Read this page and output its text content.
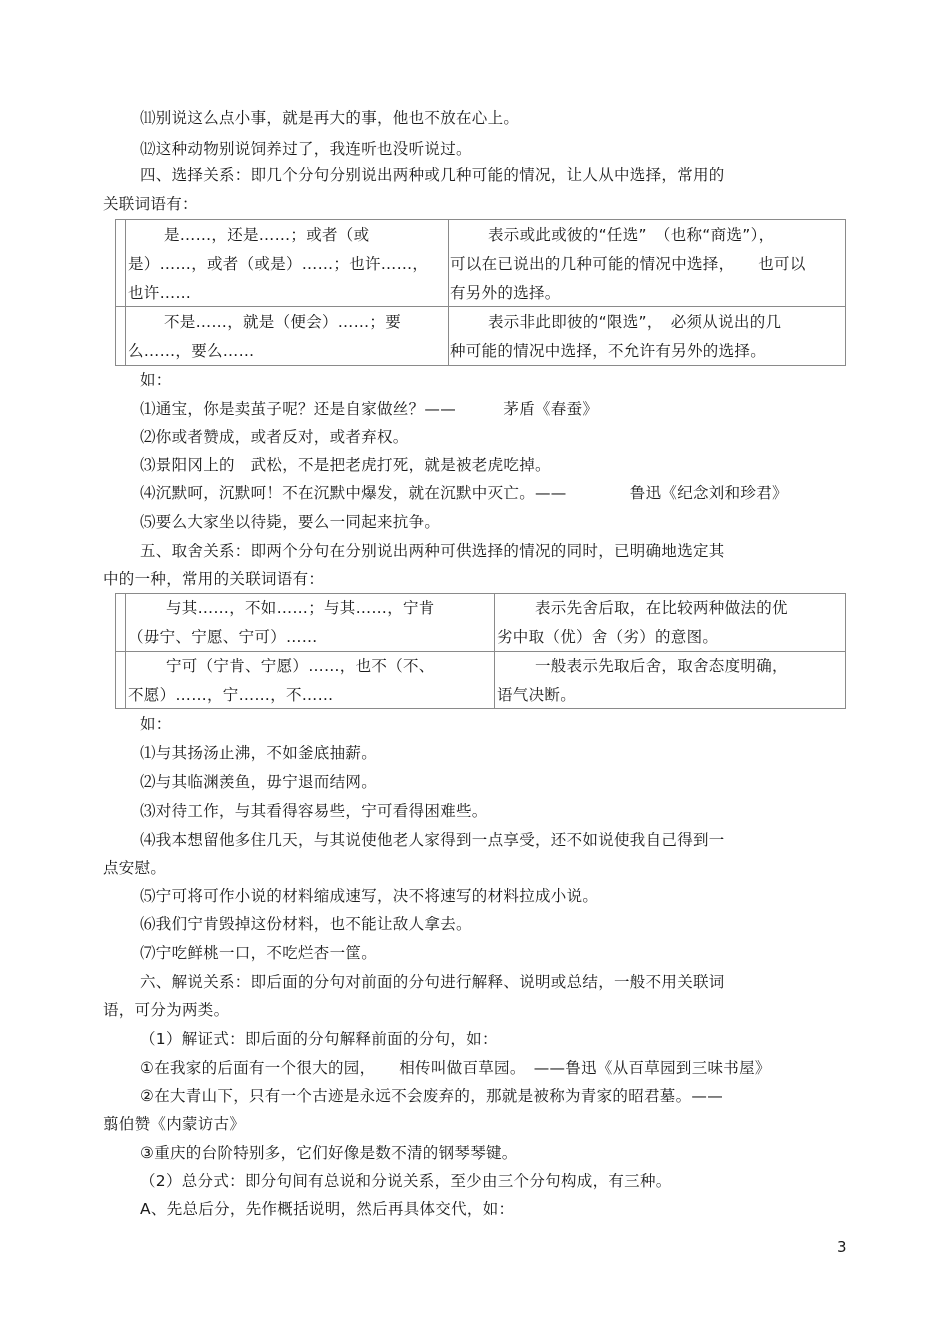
⑾别说这么点小事，就是再大的事，他也不放在心上。
⑿这种动物别说饲养过了，我连听也没听说过。
四、选择关系：即几个分句分别说出两种或几种可能的情况，让人从中选择，常用的
关联词语有：
是……，还是……；或者（或
是）……，或者（或是）……；也许……，
也许……
表示或此或彼的“任选”　（也称“商选”），
可以在已说出的几种可能的情况中选择，　　也可以
有另外的选择。
不是……，就是（便会）……；要
么……，要么……
表示非此即彼的“限选”，　必须从说出的几
种可能的情况中选择，不允许有另外的选择。
如：
⑴通宝，你是卖茧子呢？还是自家做丝？——　　　茅盾《春蚕》
⑵你或者赞成，或者反对，或者弃权。
⑶景阳冈上的　武松，不是把老虎打死，就是被老虎吃掉。
⑷沉默呵，沉默呵！不在沉默中爆发，就在沉默中灭亡。——　　　　鲁迅《纪念刘和珍君》
⑸要么大家坐以待毙，要么一同起来抗争。
五、取舍关系：即两个分句在分别说出两种可供选择的情况的同时，已明确地选定其
中的一种，常用的关联词语有：
与其……，不如……；与其……，宁肯
（毋宁、宁愿、宁可）……
表示先舍后取，在比较两种做法的优
劣中取（优）舍（劣）的意图。
宁可（宁肯、宁愿）……，也不（不、
不愿）……，宁……，不……
一般表示先取后舍，取舍态度明确，
语气决断。
如：
⑴与其扬汤止沸，不如釜底抽薪。
⑵与其临渊羡鱼，毋宁退而结网。
⑶对待工作，与其看得容易些，宁可看得困难些。
⑷我本想留他多住几天，与其说使他老人家得到一点享受，还不如说使我自己得到一
点安慰。
⑸宁可将可作小说的材料缩成速写，决不将速写的材料拉成小说。
⑹我们宁肯毁掉这份材料，也不能让敌人拿去。
⑺宁吃鲜桃一口，不吃烂杏一筐。
六、解说关系：即后面的分句对前面的分句进行解释、说明或总结，一般不用关联词
语，可分为两类。
（1）解证式：即后面的分句解释前面的分句，如：
①在我家的后面有一个很大的园，　　相传叫做百草园。　——鲁迅《从百草园到三味书屋》
②在大青山下，只有一个古迹是永远不会废弃的，那就是被称为青家的昭君墓。——
翦伯赞《内蒙访古》
③重庆的台阶特别多，它们好像是数不清的钢琴琴键。
（2）总分式：即分句间有总说和分说关系，至少由三个分句构成，有三种。
A、先总后分，先作概括说明，然后再具体交代，如：
3
